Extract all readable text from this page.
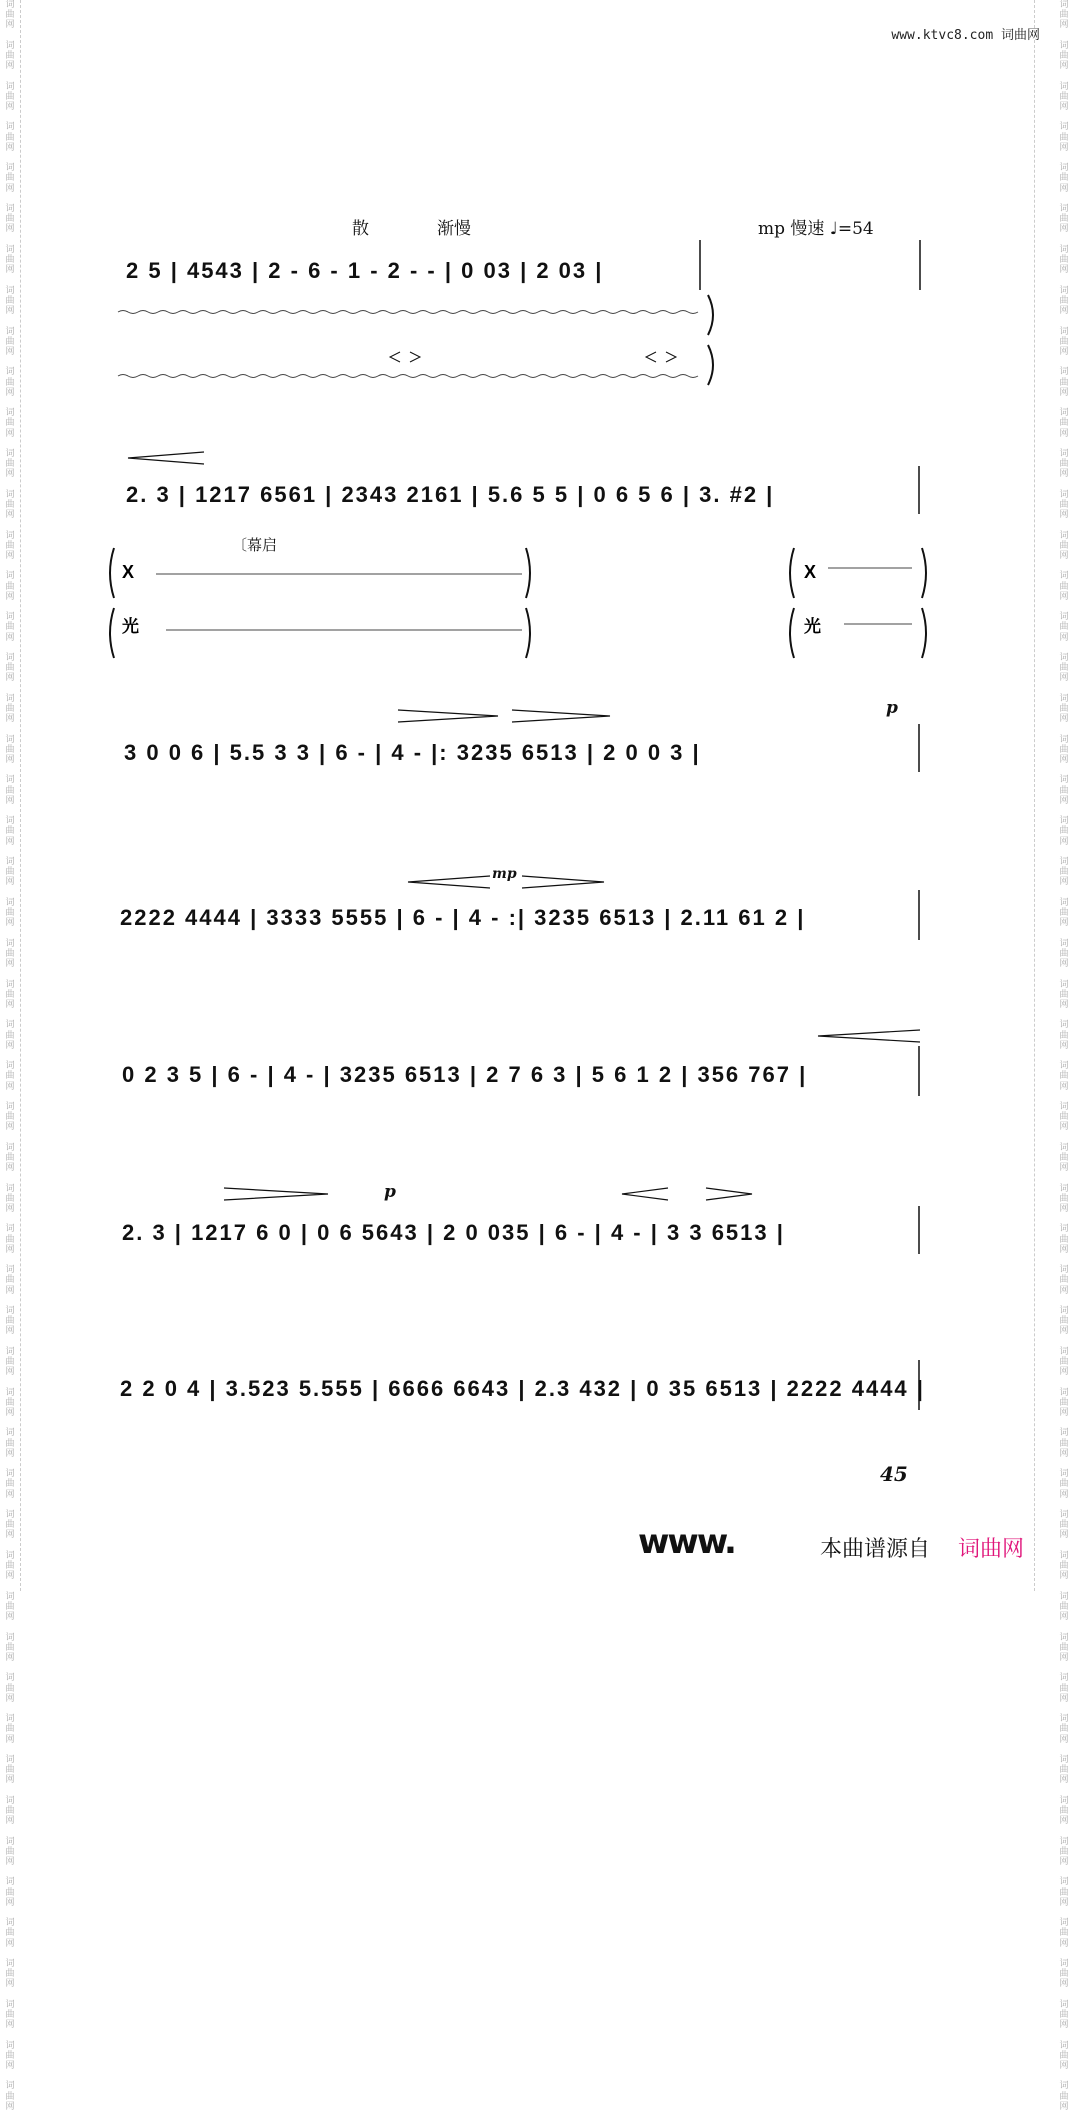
词
曲
网

词
曲
网

词
曲
网

词
曲
网

词
曲
网

词
曲
网

词
曲
网

词
曲
网

词
曲
网

词
曲
网

词
曲
网

词
曲
网

词
曲
网

词
曲
网

词
曲
网

词
曲
网

词
曲
网

词
曲
网

词
曲
网

词
曲
网

词
曲
网

词
曲
网

词
曲
网

词
曲
网

词
曲
网

词
曲
网

词
曲
网

词
曲
网

词
曲
网

词
曲
网

词
曲
网

词
曲
网

词
曲
网

词
曲
网

词
曲
网

词
曲
网

词
曲
网

词
曲
网

词
曲
网

词
曲
网

词
曲
网

词
曲
网

词
曲
网

词
曲
网

词
曲
网

词
曲
网

词
曲
网

词
曲
网

词
曲
网

词
曲
网

词
曲
网

词
曲
网

词
曲
网

词
曲
网

词
曲
网

词
曲
网

词
曲
网

词
曲
网

词
曲
网

词
曲
网

词
曲
网

词
曲
网

词
曲
网

词
曲
网

词
曲
网

词
曲
网

词
曲
网

词
曲
网

词
曲
网

词
曲
网

词
曲
网

词
曲
网

词
曲
网

词
曲
网

词
曲
网

词
曲
网

词
曲
网

词
曲
网

词
曲
网

词
曲
网

词
曲
网

词
曲
网

词
曲
网

词
曲
网

词
曲
网

词
曲
网

词
曲
网

词
曲
网

词
曲
网

词
曲
网

词
曲
网

词
曲
网

词
曲
网

词
曲
网

词
曲
网

词
曲
网

词
曲
网

词
曲
网

词
曲
网

词
曲
网

词
曲
网

词
曲
网

词
曲
网

词
曲
网

www.ktvc8.com 词曲网
散	渐慢	mp 慢速 ♩=54
2 5 | 4543 | 2 - 6 - 1 - 2 - - | 0 03 | 2 03 |
〔幕启
2. 3 | 1217 6561 | 2343 2161 | 5.6 5 5 | 0 6 5 6 | 3. #2 |
X
光
X
光
p
3 0 0 6 | 5.5 3 3 | 6 - | 4 - |: 3235 6513 | 2 0 0 3 |
mp
2222 4444 | 3333 5555 | 6 - | 4 - :| 3235 6513 | 2.11 61 2 |
0 2 3 5 | 6 - | 4 - | 3235 6513 | 2 7 6 3 | 5 6 1 2 | 356 767 |
p
2. 3 | 1217 6 0 | 0 6 5643 | 2 0 035 | 6 - | 4 - | 3 3 6513 |
2 2 0 4 | 3.523 5.555 | 6666 6643 | 2.3 432 | 0 35 6513 | 2222 4444 |
45
www.	本曲谱源自 词曲网
